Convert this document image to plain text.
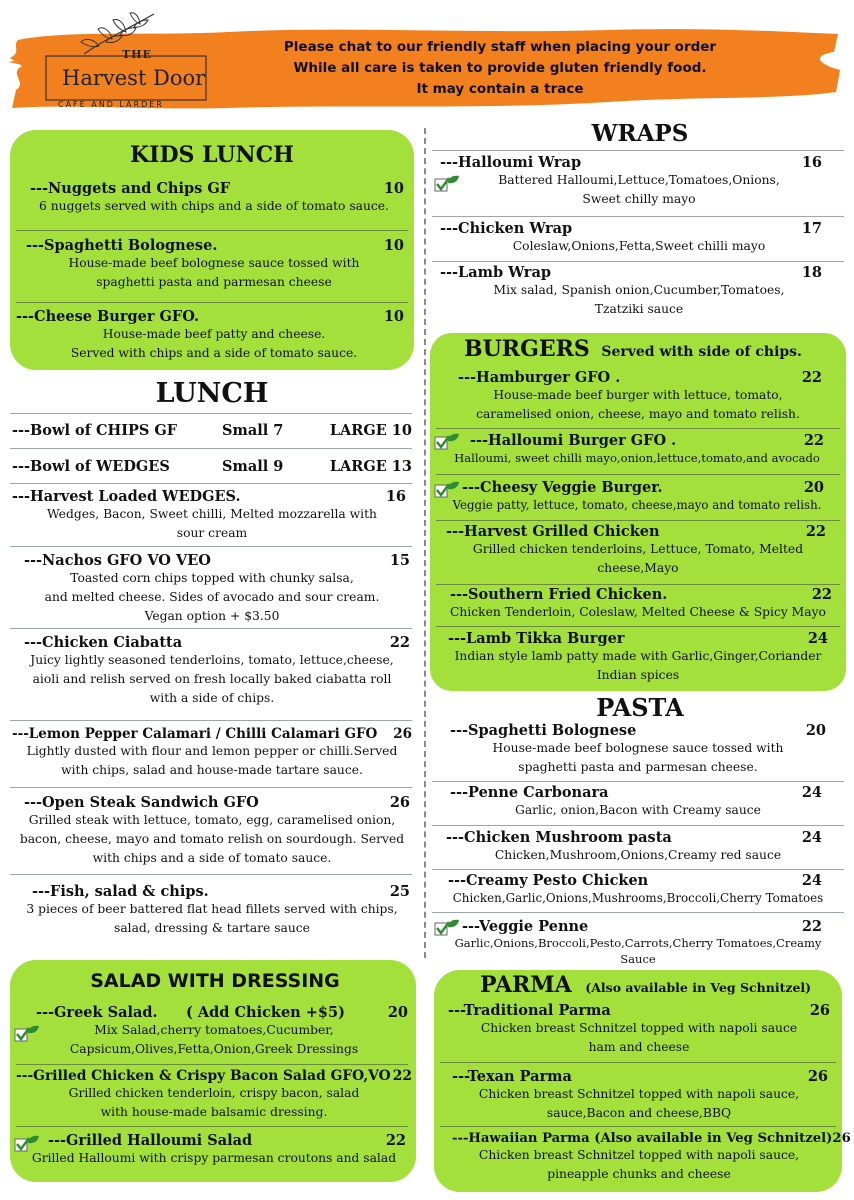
THE
Harvest Door
CAFE AND LARDER
Please chat to our friendly staff when placing your order
While all care is taken to provide gluten friendly food.
It may contain a trace
KIDS LUNCH
---Nuggets and Chips GF	10
6 nuggets served with chips and a side of tomato sauce.
---Spaghetti Bolognese.	10
House-made beef bolognese sauce tossed with
spaghetti pasta and parmesan cheese
---Cheese Burger GFO.	10
House-made beef patty and cheese.
Served with chips and a side of tomato sauce.
LUNCH
---Bowl of CHIPS GF	Small 7	LARGE 10
---Bowl of WEDGES	Small 9	LARGE 13
---Harvest Loaded WEDGES.	16
Wedges, Bacon, Sweet chilli, Melted mozzarella with
sour cream
---Nachos GFO VO VEO	15
Toasted corn chips topped with chunky salsa,
and melted cheese. Sides of avocado and sour cream.
Vegan option + $3.50
---Chicken Ciabatta	22
Juicy lightly seasoned tenderloins, tomato, lettuce,cheese,
aioli and relish served on fresh locally baked ciabatta roll
with a side of chips.
---Lemon Pepper Calamari / Chilli Calamari GFO 26
Lightly dusted with flour and lemon pepper or chilli.Served
with chips, salad and house-made tartare sauce.
---Open Steak Sandwich GFO	26
Grilled steak with lettuce, tomato, egg, caramelised onion,
bacon, cheese, mayo and tomato relish on sourdough. Served
with chips and a side of tomato sauce.
---Fish, salad & chips.	25
3 pieces of beer battered flat head fillets served with chips,
salad, dressing & tartare sauce
SALAD WITH DRESSING
---Greek Salad. ( Add Chicken +$5)	20
Mix Salad,cherry tomatoes,Cucumber,
Capsicum,Olives,Fetta,Onion,Greek Dressings
---Grilled Chicken & Crispy Bacon Salad GFO,VO 22
Grilled chicken tenderloin, crispy bacon, salad
with house-made balsamic dressing.
---Grilled Halloumi Salad	22
Grilled Halloumi with crispy parmesan croutons and salad
WRAPS
---Halloumi Wrap	16
Battered Halloumi,Lettuce,Tomatoes,Onions,
Sweet chilly mayo
---Chicken Wrap	17
Coleslaw,Onions,Fetta,Sweet chilli mayo
---Lamb Wrap	18
Mix salad, Spanish onion,Cucumber,Tomatoes,
Tzatziki sauce
BURGERS Served with side of chips.
---Hamburger GFO .	22
House-made beef burger with lettuce, tomato,
caramelised onion, cheese, mayo and tomato relish.
---Halloumi Burger GFO .	22
Halloumi, sweet chilli mayo,onion,lettuce,tomato,and avocado
---Cheesy Veggie Burger.	20
Veggie patty, lettuce, tomato, cheese,mayo and tomato relish.
---Harvest Grilled Chicken	22
Grilled chicken tenderloins, Lettuce, Tomato, Melted
cheese,Mayo
---Southern Fried Chicken.	22
Chicken Tenderloin, Coleslaw, Melted Cheese & Spicy Mayo
---Lamb Tikka Burger	24
Indian style lamb patty made with Garlic,Ginger,Coriander
Indian spices
PASTA
---Spaghetti Bolognese	20
House-made beef bolognese sauce tossed with
spaghetti pasta and parmesan cheese.
---Penne Carbonara	24
Garlic, onion,Bacon with Creamy sauce
---Chicken Mushroom pasta	24
Chicken,Mushroom,Onions,Creamy red sauce
---Creamy Pesto Chicken	24
Chicken,Garlic,Onions,Mushrooms,Broccoli,Cherry Tomatoes
---Veggie Penne	22
Garlic,Onions,Broccoli,Pesto,Carrots,Cherry Tomatoes,Creamy
Sauce
PARMA (Also available in Veg Schnitzel)
---Traditional Parma	26
Chicken breast Schnitzel topped with napoli sauce
ham and cheese
---Texan Parma	26
Chicken breast Schnitzel topped with napoli sauce,
sauce,Bacon and cheese,BBQ
---Hawaiian Parma (Also available in Veg Schnitzel) 26
Chicken breast Schnitzel topped with napoli sauce,
pineapple chunks and cheese
